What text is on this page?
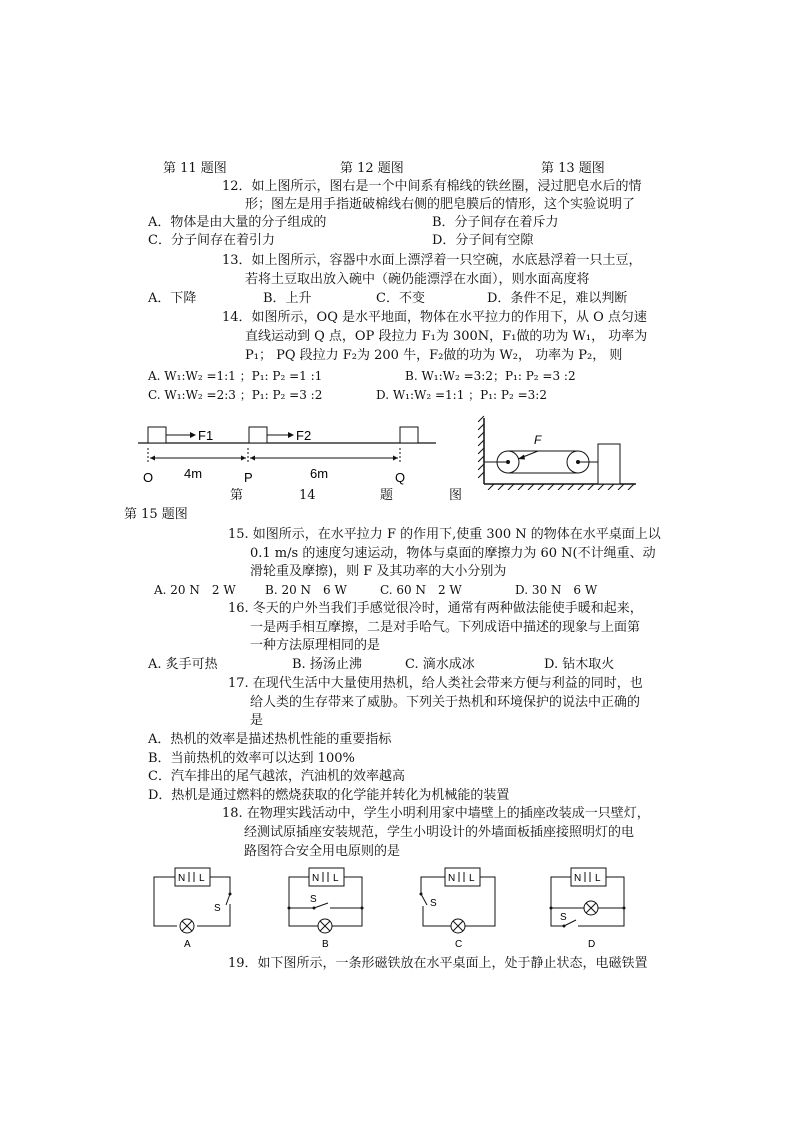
第 11 题图	第 12 题图	第 13 题图
12．如上图所示，图右是一个中间系有棉线的铁丝圈，浸过肥皂水后的情
形；图左是用手指逝破棉线右侧的肥皂膜后的情形，这个实验说明了
A．物体是由大量的分子组成的	B．分子间存在着斥力
C．分子间存在着引力	D．分子间有空隙
13．如上图所示，容器中水面上漂浮着一只空碗，水底悬浮着一只土豆，
若将土豆取出放入碗中（碗仍能漂浮在水面），则水面高度将
A．下降	B．上升	C．不变	D．条件不足，难以判断
14．如图所示，OQ 是水平地面，物体在水平拉力的作用下，从 O 点匀速
直线运动到 Q 点，OP 段拉力 F₁为 300N，F₁做的功为 W₁， 功率为
P₁； PQ 段拉力 F₂为 200 牛，F₂做的功为 W₂， 功率为 P₂， 则
A. W₁:W₂ =1:1 ；P₁: P₂ =1 :1	B. W₁:W₂ =3:2；P₁: P₂ =3 :2
C. W₁:W₂ =2:3 ；P₁: P₂ =3 :2	D. W₁:W₂ =1:1 ；P₁: P₂ =3:2
F1	F2
4m	6m
O	P	Q
F
第	14	题	图
第 15 题图
15. 如图所示，在水平拉力 F 的作用下,使重 300 N 的物体在水平桌面上以
0.1 m/s 的速度匀速运动，物体与桌面的摩擦力为 60 N(不计绳重、动
滑轮重及摩擦)，则 F 及其功率的大小分别为
A. 20 N　2 W B. 20 N　6 W	C. 60 N　2 W	D. 30 N　6 W
16. 冬天的户外当我们手感觉很冷时，通常有两种做法能使手暖和起来，
一是两手相互摩擦，二是对手哈气。下列成语中描述的现象与上面第
一种方法原理相同的是
A. 炙手可热	B. 扬汤止沸	C. 滴水成冰	D. 钻木取火
17. 在现代生活中大量使用热机，给人类社会带来方便与利益的同时，也
给人类的生存带来了威胁。下列关于热机和环境保护的说法中正确的
是
A．热机的效率是描述热机性能的重要指标
B．当前热机的效率可以达到 100%
C．汽车排出的尾气越浓，汽油机的效率越高
D．热机是通过燃料的燃烧获取的化学能并转化为机械能的装置
18. 在物理实践活动中，学生小明利用家中墙壁上的插座改装成一只壁灯，
经测试原插座安装规范，学生小明设计的外墙面板插座接照明灯的电
路图符合安全用电原则的是
N L
S
A
N L
S
B
N L
S
C
N L
S
D
19．如下图所示，一条形磁铁放在水平桌面上，处于静止状态，电磁铁置
